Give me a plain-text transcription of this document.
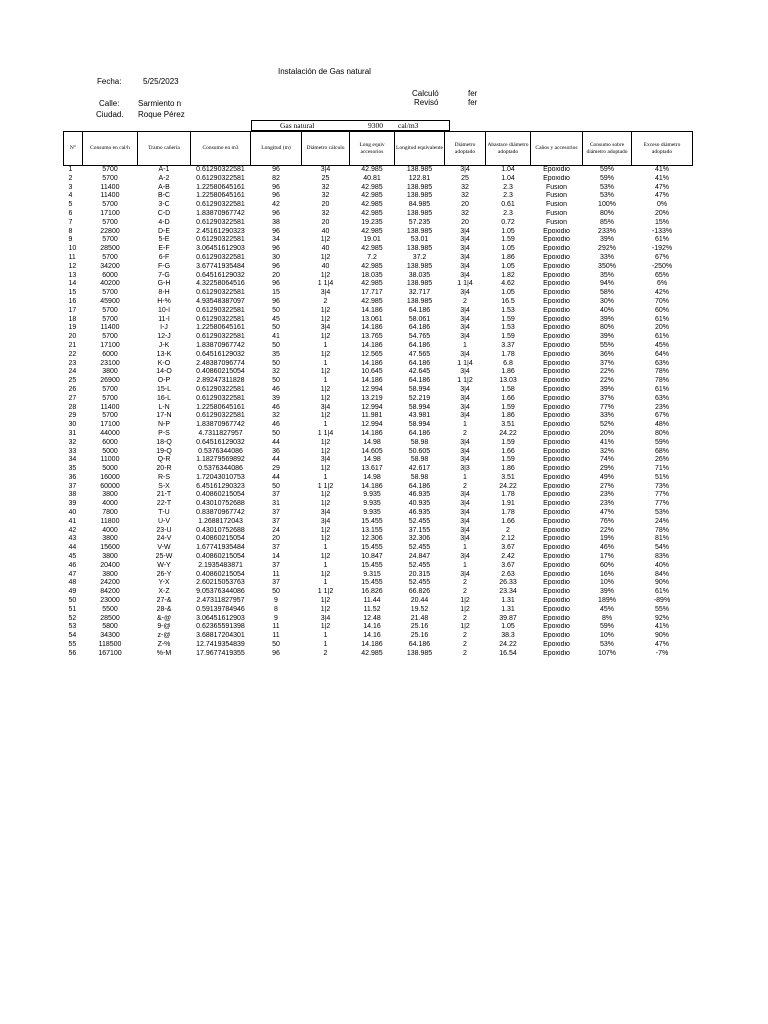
Instalación de Gas natural
Fecha:	5/25/2023
Calculó	fer
Calle: Sarmiento n	Revisó	fer
Ciudad. Roque Pérez
Gas natural	9300 cal/m3
N°	Consumo en cal/h	Tramo cañería	Consumo en m3	Longitud (m)	Diámetro cálculo	Long equiv accesorios	Longitud equivalente	Diámetro adoptado	Abastace diámetro adoptado	Caños y accesorios	Consumo sobre diámetro adoptado	Exceso diámetro adoptado
1	5700	A-1	0.61290322581	96	3|4	42.985	138.985	3|4	1.04	Epoxidio	59%	41%
2	5700	A-2	0.61290322581	82	25	40.81	122.81	25	1.04	Epoxidio	59%	41%
3	11400	A-B	1.22580645161	96	32	42.985	138.985	32	2.3	Fusion	53%	47%
4	11400	B-C	1.22580645161	96	32	42.985	138.985	32	2.3	Fusion	53%	47%
5	5700	3-C	0.61290322581	42	20	42.985	84.985	20	0.61	Fusion	100%	0%
6	17100	C-D	1.83870967742	96	32	42.985	138.985	32	2.3	Fusion	80%	20%
7	5700	4-D	0.61290322581	38	20	19.235	57.235	20	0.72	Fusion	85%	15%
8	22800	D-E	2.45161290323	96	40	42.985	138.985	3|4	1.05	Epoxidio	233%	-133%
9	5700	5-E	0.61290322581	34	1|2	19.01	53.01	3|4	1.59	Epoxidio	39%	61%
10	28500	E-F	3.06451612903	96	40	42.985	138.985	3|4	1.05	Epoxidio	292%	-192%
11	5700	6-F	0.61290322581	30	1|2	7.2	37.2	3|4	1.86	Epoxidio	33%	67%
12	34200	F-G	3.67741935484	96	40	42.985	138.985	3|4	1.05	Epoxidio	350%	-250%
13	6000	7-G	0.64516129032	20	1|2	18.035	38.035	3|4	1.82	Epoxidio	35%	65%
14	40200	G-H	4.32258064516	96	1 1|4	42.985	138.985	1 1|4	4.62	Epoxidio	94%	6%
15	5700	8-H	0.61290322581	15	3|4	17.717	32.717	3|4	1.05	Epoxidio	58%	42%
16	45900	H-%	4.93548387097	96	2	42.985	138.985	2	16.5	Epoxidio	30%	70%
17	5700	10-I	0.61290322581	50	1|2	14.186	64.186	3|4	1.53	Epoxidio	40%	60%
18	5700	11-I	0.61290322581	45	1|2	13.061	58.061	3|4	1.59	Epoxidio	39%	61%
19	11400	I-J	1.22580645161	50	3|4	14.186	64.186	3|4	1.53	Epoxidio	80%	20%
20	5700	12-J	0.61290322581	41	1|2	13.765	54.765	3|4	1.59	Epoxidio	39%	61%
21	17100	J-K	1.83870967742	50	1	14.186	64.186	1	3.37	Epoxidio	55%	45%
22	6000	13-K	0.64516129032	35	1|2	12.565	47.565	3|4	1.78	Epoxidio	36%	64%
23	23100	K-O	2.48387096774	50	1	14.186	64.186	1 1|4	6.8	Epoxidio	37%	63%
24	3800	14-O	0.40860215054	32	1|2	10.645	42.645	3|4	1.86	Epoxidio	22%	78%
25	26900	O-P	2.89247311828	50	1	14.186	64.186	1 1|2	13.03	Epoxidio	22%	78%
26	5700	15-L	0.61290322581	46	1|2	12.994	58.994	3|4	1.58	Epoxidio	39%	61%
27	5700	16-L	0.61290322581	39	1|2	13.219	52.219	3|4	1.66	Epoxidio	37%	63%
28	11400	L-N	1.22580645161	46	3|4	12.994	58.994	3|4	1.59	Epoxidio	77%	23%
29	5700	17-N	0.61290322581	32	1|2	11.981	43.981	3|4	1.86	Epoxidio	33%	67%
30	17100	N-P	1.83870967742	46	1	12.994	58.994	1	3.51	Epoxidio	52%	48%
31	44000	P-S	4.7311827957	50	1 1|4	14.186	64.186	2	24.22	Epoxidio	20%	80%
32	6000	18-Q	0.64516129032	44	1|2	14.98	58.98	3|4	1.59	Epoxidio	41%	59%
33	5000	19-Q	0.5376344086	36	1|2	14.605	50.605	3|4	1.66	Epoxidio	32%	68%
34	11000	Q-R	1.18279569892	44	3|4	14.98	58.98	3|4	1.59	Epoxidio	74%	26%
35	5000	20-R	0.5376344086	29	1|2	13.617	42.617	3|3	1.86	Epoxidio	29%	71%
36	16000	R-S	1.72043010753	44	1	14.98	58.98	1	3.51	Epoxidio	49%	51%
37	60000	S-X	6.45161290323	50	1 1|2	14.186	64.186	2	24.22	Epoxidio	27%	73%
38	3800	21-T	0.40860215054	37	1|2	9.935	46.935	3|4	1.78	Epoxidio	23%	77%
39	4000	22-T	0.43010752688	31	1|2	9.935	40.935	3|4	1.91	Epoxidio	23%	77%
40	7800	T-U	0.83870967742	37	3|4	9.935	46.935	3|4	1.78	Epoxidio	47%	53%
41	11800	U-V	1.2688172043	37	3|4	15.455	52.455	3|4	1.66	Epoxidio	76%	24%
42	4000	23-U	0.43010752688	24	1|2	13.155	37.155	3|4	2	Epoxidio	22%	78%
43	3800	24-V	0.40860215054	20	1|2	12.306	32.306	3|4	2.12	Epoxidio	19%	81%
44	15600	V-W	1.67741935484	37	1	15.455	52.455	1	3.67	Epoxidio	46%	54%
45	3800	25-W	0.40860215054	14	1|2	10.847	24.847	3|4	2.42	Epoxidio	17%	83%
46	20400	W-Y	2.1935483871	37	1	15.455	52.455	1	3.67	Epoxidio	60%	40%
47	3800	26-Y	0.40860215054	11	1|2	9.315	20.315	3|4	2.63	Epoxidio	16%	84%
48	24200	Y-X	2.60215053763	37	1	15.455	52.455	2	26.33	Epoxidio	10%	90%
49	84200	X-Z	9.05376344086	50	1 1|2	16.826	66.826	2	23.34	Epoxidio	39%	61%
50	23000	27-&	2.47311827957	9	1|2	11.44	20.44	1|2	1.31	Epoxidio	189%	-89%
51	5500	28-&	0.59139784946	8	1|2	11.52	19.52	1|2	1.31	Epoxidio	45%	55%
52	28500	&-@	3.06451612903	9	3|4	12.48	21.48	2	39.87	Epoxidio	8%	92%
53	5800	9-@	0.62365591398	11	1|2	14.16	25.16	1|2	1.05	Epoxidio	59%	41%
54	34300	z-@	3.68817204301	11	1	14.16	25.16	2	38.3	Epoxidio	10%	90%
55	118500	Z-%	12.7419354839	50	1	14.186	64.186	2	24.22	Epoxidio	53%	47%
56	167100	%-M	17.9677419355	96	2	42.985	138.985	2	16.54	Epoxidio	107%	-7%
